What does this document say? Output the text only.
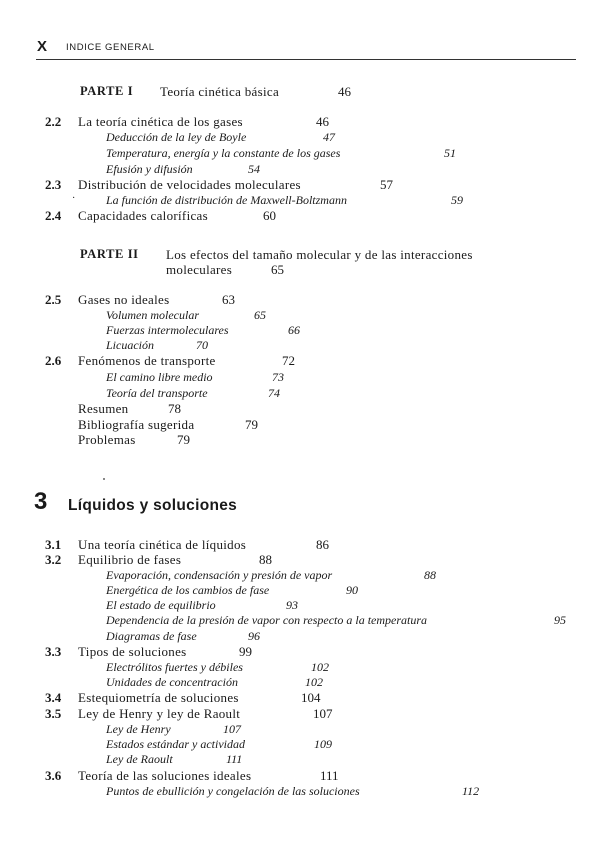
X INDICE GENERAL
PARTE I Teoría cinética básica	46
2.2 La teoría cinética de los gases	46
Deducción de la ley de Boyle	47
Temperatura, energía y la constante de los gases	51
Efusión y difusión	54
2.3 Distribución de velocidades moleculares	57
·	La función de distribución de Maxwell-Boltzmann	59
2.4 Capacidades caloríficas	60
PARTE II Los efectos del tamaño molecular y de las interacciones
moleculares	65
2.5 Gases no ideales	63
Volumen molecular	65
Fuerzas intermoleculares	66
Licuación	70
2.6 Fenómenos de transporte	72
El camino libre medio	73
Teoría del transporte	74
Resumen	78
Bibliografía sugerida	79
Problemas	79
3 Líquidos y soluciones
3.1 Una teoría cinética de líquidos	86
3.2 Equilibrio de fases	88
Evaporación, condensación y presión de vapor	88
Energética de los cambios de fase	90
El estado de equilibrio	93
Dependencia de la presión de vapor con respecto a la temperatura	95
Diagramas de fase	96
3.3 Tipos de soluciones	99
Electrólitos fuertes y débiles	102
Unidades de concentración	102
3.4 Estequiometría de soluciones	104
3.5 Ley de Henry y ley de Raoult	107
Ley de Henry	107
Estados estándar y actividad	109
Ley de Raoult	111
3.6 Teoría de las soluciones ideales	111
Puntos de ebullición y congelación de las soluciones	112
